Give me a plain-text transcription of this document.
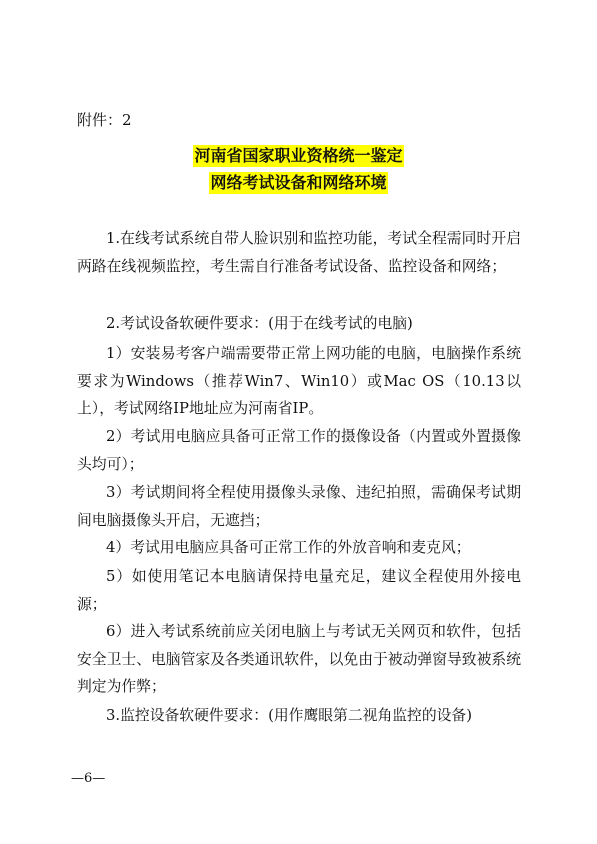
附件：2
河南省国家职业资格统一鉴定
网络考试设备和网络环境

1.在线考试系统自带人脸识别和监控功能，考试全程需同时开启两路在线视频监控，考生需自行准备考试设备、监控设备和网络；

2.考试设备软硬件要求：(用于在线考试的电脑)

1）安装易考客户端需要带正常上网功能的电脑，电脑操作系统要求为Windows（推荐Win7、Win10）或Mac OS（10.13以上），考试网络IP地址应为河南省IP。

2）考试用电脑应具备可正常工作的摄像设备（内置或外置摄像头均可）；

3）考试期间将全程使用摄像头录像、违纪拍照，需确保考试期间电脑摄像头开启，无遮挡；

4）考试用电脑应具备可正常工作的外放音响和麦克风；

5）如使用笔记本电脑请保持电量充足，建议全程使用外接电源；

6）进入考试系统前应关闭电脑上与考试无关网页和软件，包括安全卫士、电脑管家及各类通讯软件，以免由于被动弹窗导致被系统判定为作弊；

3.监控设备软硬件要求：(用作鹰眼第二视角监控的设备)

—6—
